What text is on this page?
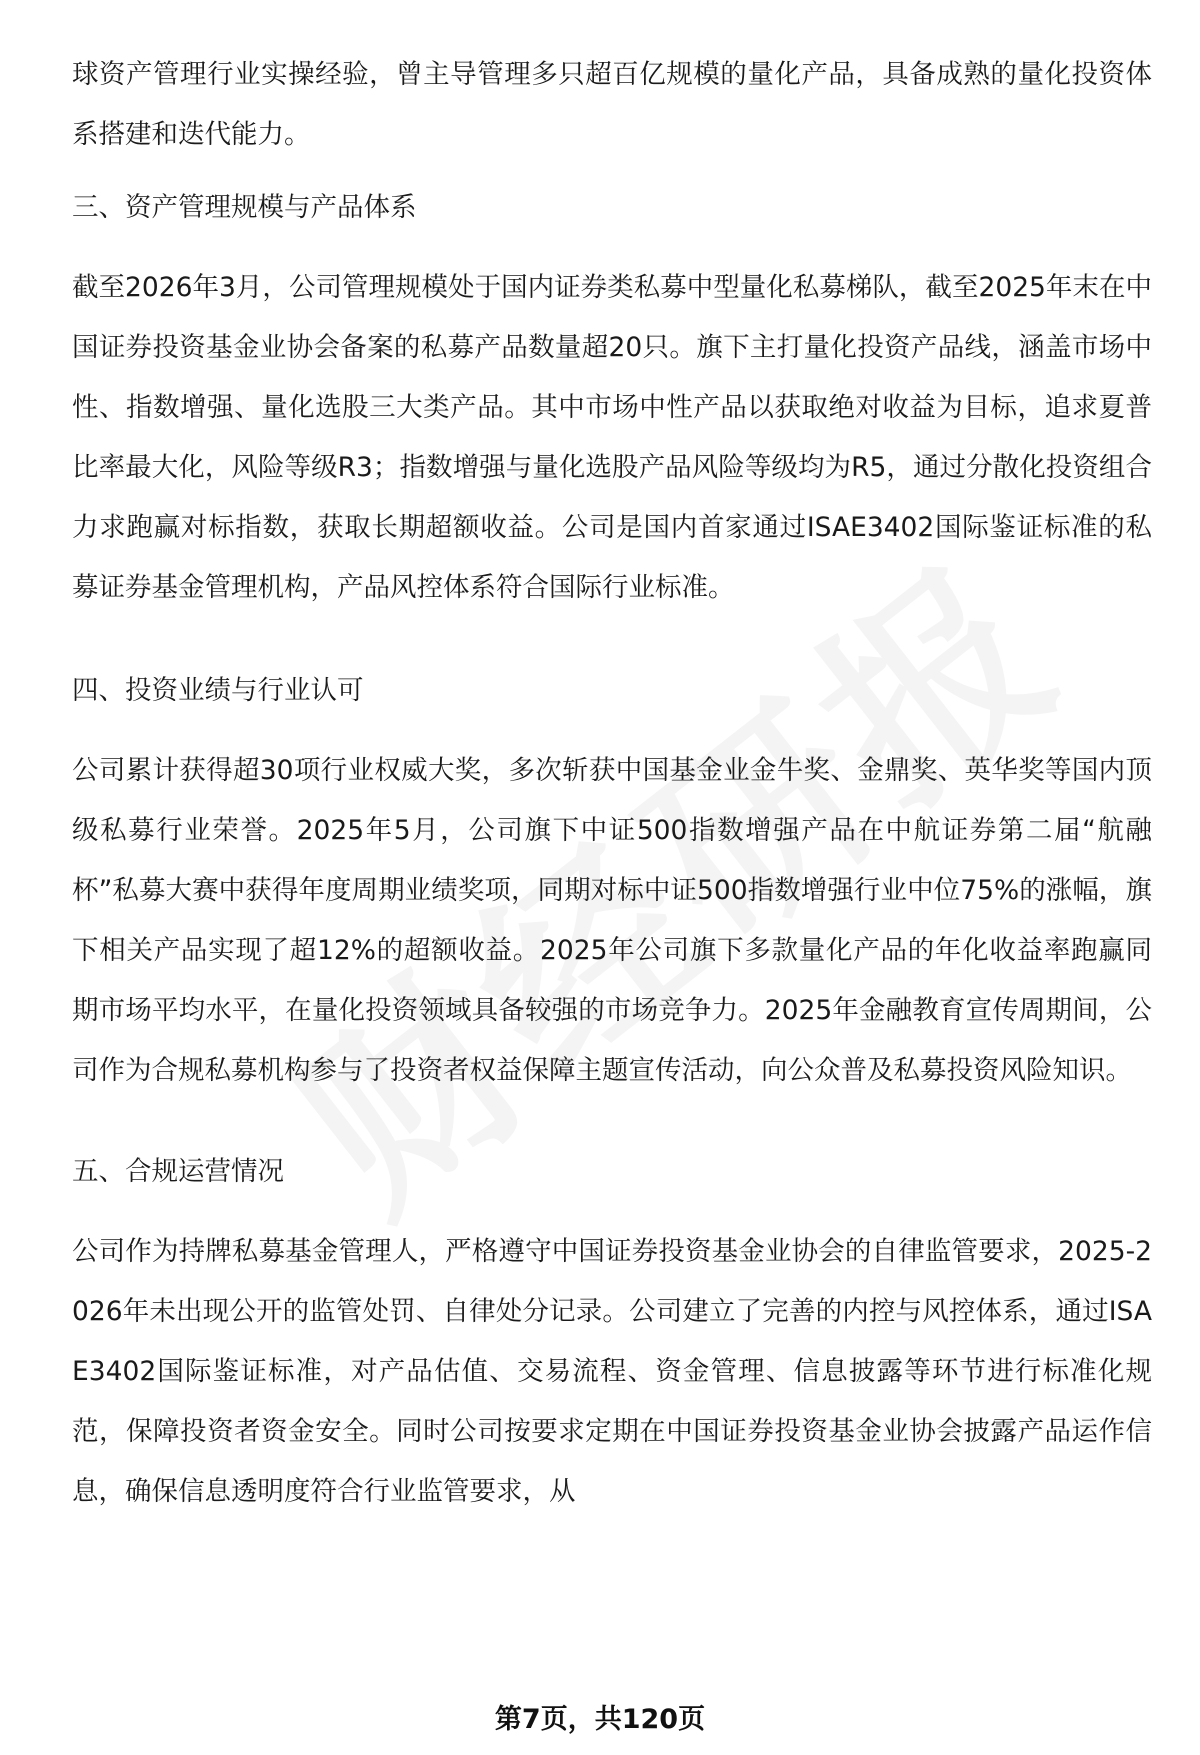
球资产管理行业实操经验，曾主导管理多只超百亿规模的量化产品，具备成熟的量化投资体系搭建和迭代能力。

三、资产管理规模与产品体系

截至2026年3月，公司管理规模处于国内证券类私募中型量化私募梯队，截至2025年末在中国证券投资基金业协会备案的私募产品数量超20只。旗下主打量化投资产品线，涵盖市场中性、指数增强、量化选股三大类产品。其中市场中性产品以获取绝对收益为目标，追求夏普比率最大化，风险等级R3；指数增强与量化选股产品风险等级均为R5，通过分散化投资组合力求跑赢对标指数，获取长期超额收益。公司是国内首家通过ISAE3402国际鉴证标准的私募证券基金管理机构，产品风控体系符合国际行业标准。

四、投资业绩与行业认可

公司累计获得超30项行业权威大奖，多次斩获中国基金业金牛奖、金鼎奖、英华奖等国内顶级私募行业荣誉。2025年5月，公司旗下中证500指数增强产品在中航证券第二届“航融杯”私募大赛中获得年度周期业绩奖项，同期对标中证500指数增强行业中位75%的涨幅，旗下相关产品实现了超12%的超额收益。2025年公司旗下多款量化产品的年化收益率跑赢同期市场平均水平，在量化投资领域具备较强的市场竞争力。2025年金融教育宣传周期间，公司作为合规私募机构参与了投资者权益保障主题宣传活动，向公众普及私募投资风险知识。

五、合规运营情况

公司作为持牌私募基金管理人，严格遵守中国证券投资基金业协会的自律监管要求，2025-2026年未出现公开的监管处罚、自律处分记录。公司建立了完善的内控与风控体系，通过ISAE3402国际鉴证标准，对产品估值、交易流程、资金管理、信息披露等环节进行标准化规范，保障投资者资金安全。同时公司按要求定期在中国证券投资基金业协会披露产品运作信息，确保信息透明度符合行业监管要求，从

第7页，共120页
